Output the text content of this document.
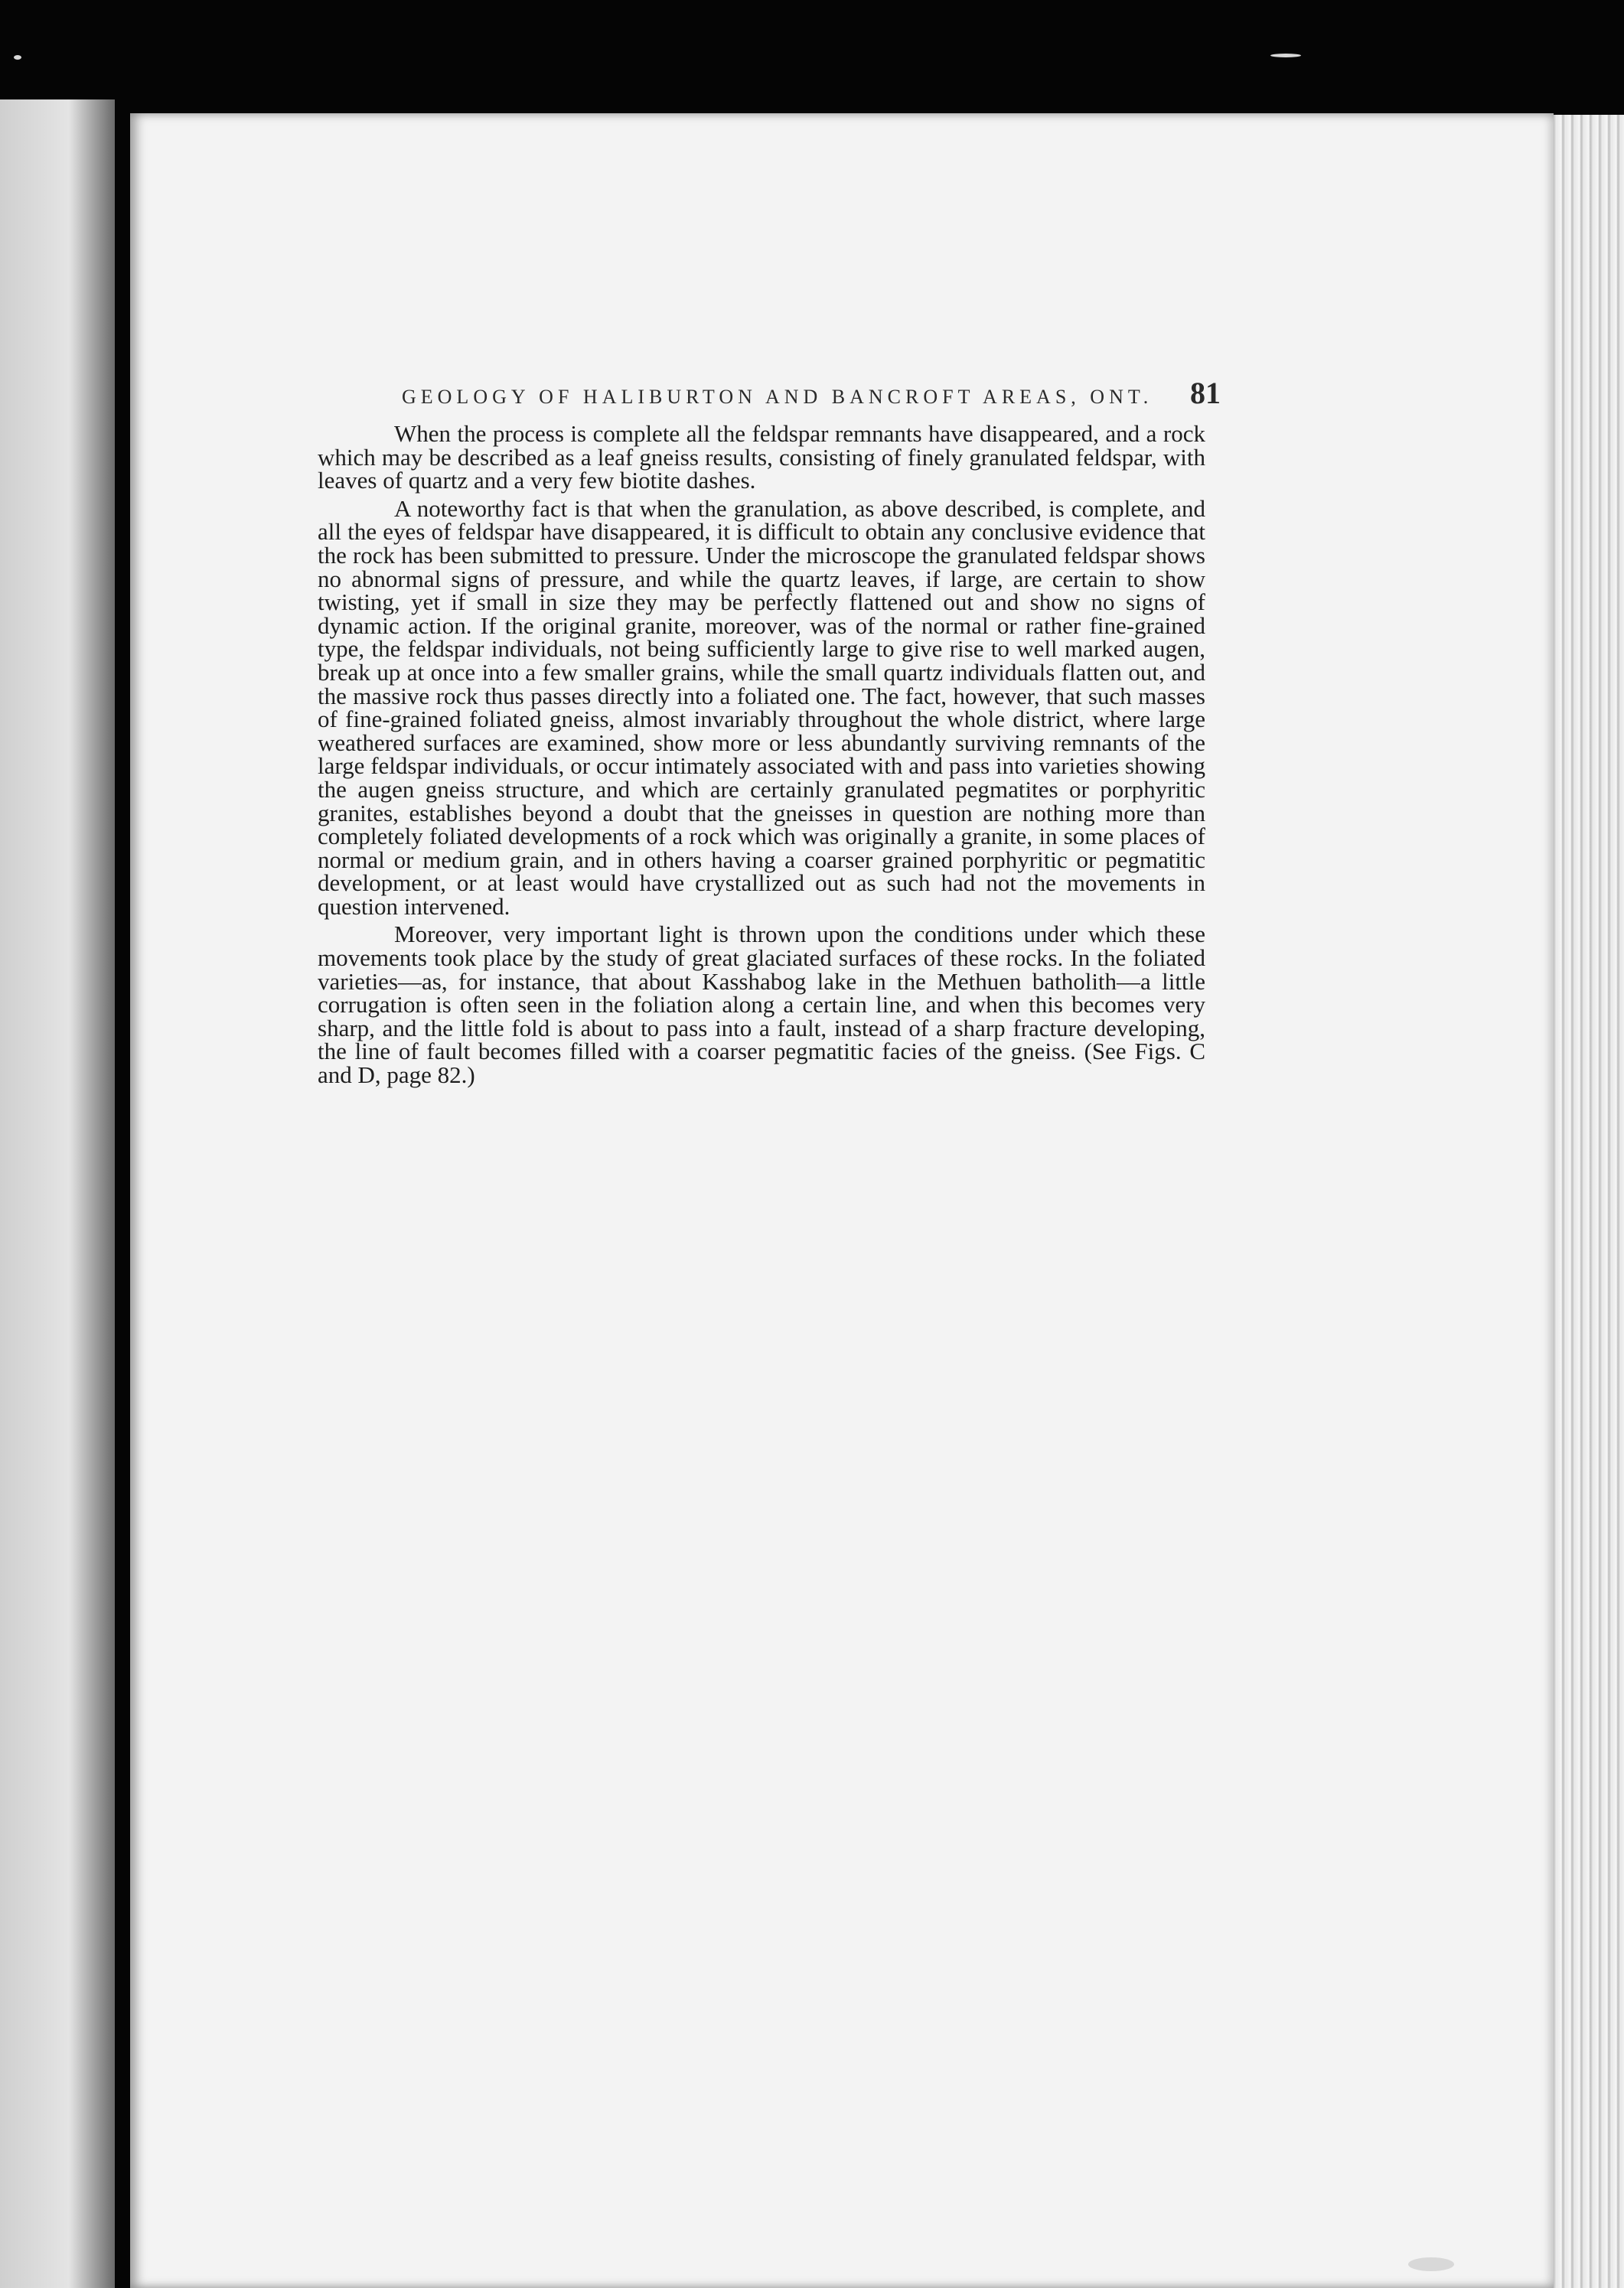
GEOLOGY OF HALIBURTON AND BANCROFT AREAS, ONT. 81

When the process is complete all the feldspar remnants have disappeared, and a rock which may be described as a leaf gneiss results, consisting of finely granulated feldspar, with leaves of quartz and a very few biotite dashes.

A noteworthy fact is that when the granulation, as above described, is complete, and all the eyes of feldspar have disappeared, it is difficult to obtain any conclusive evidence that the rock has been submitted to pressure. Under the microscope the granulated feldspar shows no abnormal signs of pressure, and while the quartz leaves, if large, are certain to show twisting, yet if small in size they may be perfectly flattened out and show no signs of dynamic action. If the original granite, moreover, was of the normal or rather fine-grained type, the feldspar individuals, not being sufficiently large to give rise to well marked augen, break up at once into a few smaller grains, while the small quartz individuals flatten out, and the massive rock thus passes directly into a foliated one. The fact, however, that such masses of fine-grained foliated gneiss, almost invariably throughout the whole district, where large weathered surfaces are examined, show more or less abundantly surviving remnants of the large feldspar individuals, or occur intimately associated with and pass into varieties showing the augen gneiss structure, and which are certainly granulated pegmatites or porphyritic granites, establishes beyond a doubt that the gneisses in question are nothing more than completely foliated developments of a rock which was originally a granite, in some places of normal or medium grain, and in others having a coarser grained porphyritic or pegmatitic development, or at least would have crystallized out as such had not the movements in question intervened.

Moreover, very important light is thrown upon the conditions under which these movements took place by the study of great glaciated surfaces of these rocks. In the foliated varieties—as, for instance, that about Kasshabog lake in the Methuen batholith—a little corrugation is often seen in the foliation along a certain line, and when this becomes very sharp, and the little fold is about to pass into a fault, instead of a sharp fracture developing, the line of fault becomes filled with a coarser pegmatitic facies of the gneiss. (See Figs. C and D, page 82.)
